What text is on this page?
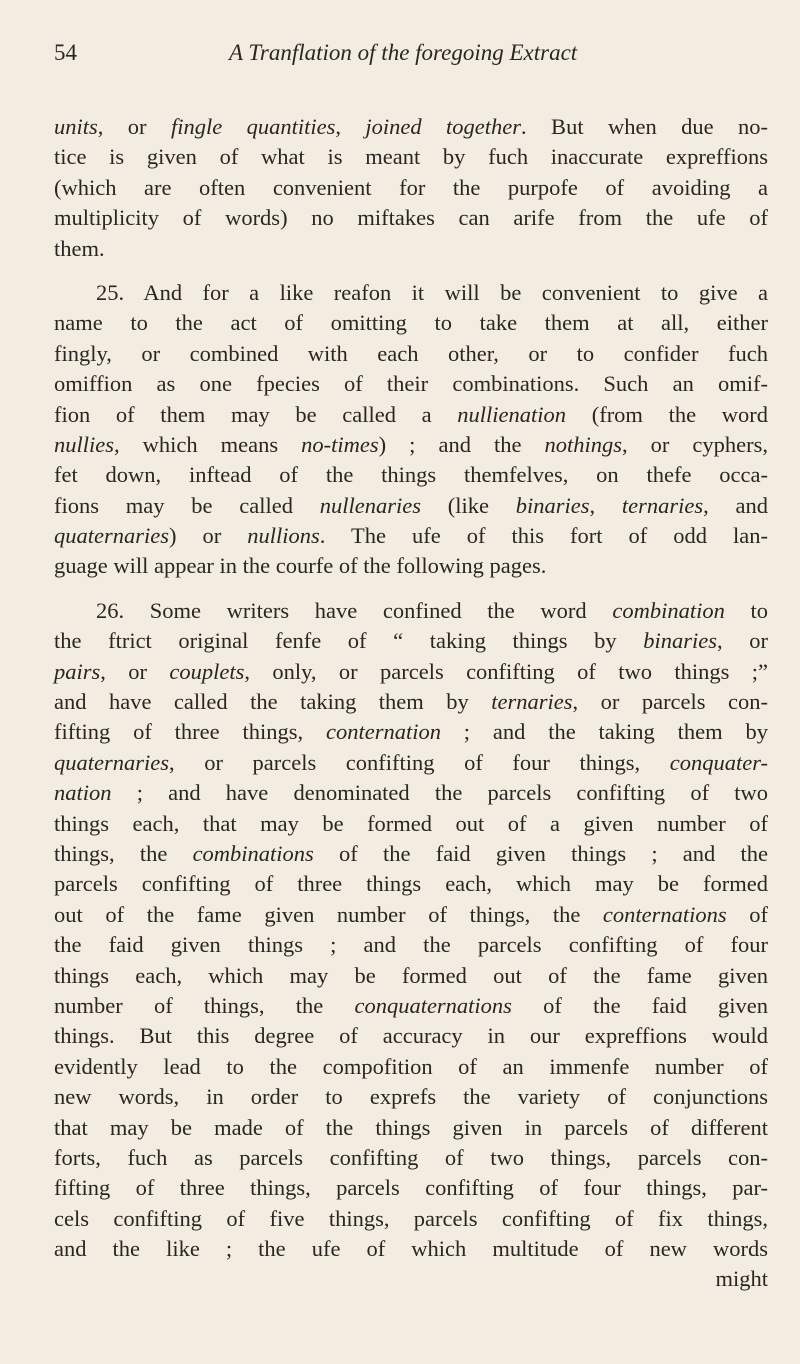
54	A Tranflation of the foregoing Extract
units, or fingle quantities, joined together. But when due no-
tice is given of what is meant by fuch inaccurate expreffions
(which are often convenient for the purpofe of avoiding a
multiplicity of words) no miftakes can arife from the ufe of
them.
25. And for a like reafon it will be convenient to give a
name to the act of omitting to take them at all, either
fingly, or combined with each other, or to confider fuch
omiffion as one fpecies of their combinations. Such an omif-
fion of them may be called a nullienation (from the word
nullies, which means no-times) ; and the nothings, or cyphers,
fet down, inftead of the things themfelves, on thefe occa-
fions may be called nullenaries (like binaries, ternaries, and
quaternaries) or nullions. The ufe of this fort of odd lan-
guage will appear in the courfe of the following pages.
26. Some writers have confined the word combination to
the ftrict original fenfe of “ taking things by binaries, or
pairs, or couplets, only, or parcels confifting of two things ;”
and have called the taking them by ternaries, or parcels con-
fifting of three things, conternation ; and the taking them by
quaternaries, or parcels confifting of four things, conquater-
nation ; and have denominated the parcels confifting of two
things each, that may be formed out of a given number of
things, the combinations of the faid given things ; and the
parcels confifting of three things each, which may be formed
out of the fame given number of things, the conternations of
the faid given things ; and the parcels confifting of four
things each, which may be formed out of the fame given
number of things, the conquaternations of the faid given
things. But this degree of accuracy in our expreffions would
evidently lead to the compofition of an immenfe number of
new words, in order to exprefs the variety of conjunctions
that may be made of the things given in parcels of different
forts, fuch as parcels confifting of two things, parcels con-
fifting of three things, parcels confifting of four things, par-
cels confifting of five things, parcels confifting of fix things,
and the like ; the ufe of which multitude of new words
might
